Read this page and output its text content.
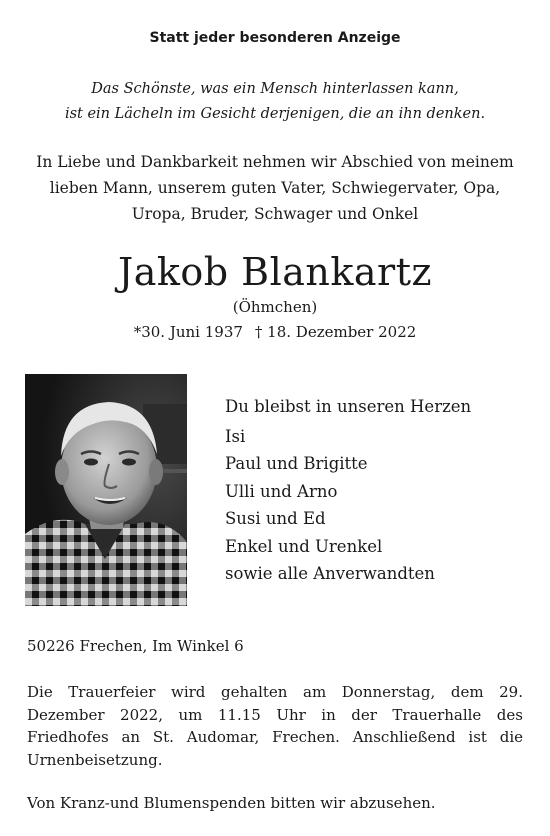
Statt jeder besonderen Anzeige
Das Schönste, was ein Mensch hinterlassen kann,
ist ein Lächeln im Gesicht derjenigen, die an ihn denken.
In Liebe und Dankbarkeit nehmen wir Abschied von meinem
lieben Mann, unserem guten Vater, Schwiegervater, Opa,
Uropa, Bruder, Schwager und Onkel
Jakob Blankartz
(Öhmchen)
*30. Juni 1937 † 18. Dezember 2022
Du bleibst in unseren Herzen
Isi
Paul und Brigitte
Ulli und Arno
Susi und Ed
Enkel und Urenkel
sowie alle Anverwandten
50226 Frechen, Im Winkel 6
Die Trauerfeier wird gehalten am Donnerstag, dem 29. Dezember 2022, um 11.15 Uhr in der Trauerhalle des Friedhofes an St. Audomar, Frechen. Anschließend ist die Urnenbeisetzung.
Von Kranz-und Blumenspenden bitten wir abzusehen.
